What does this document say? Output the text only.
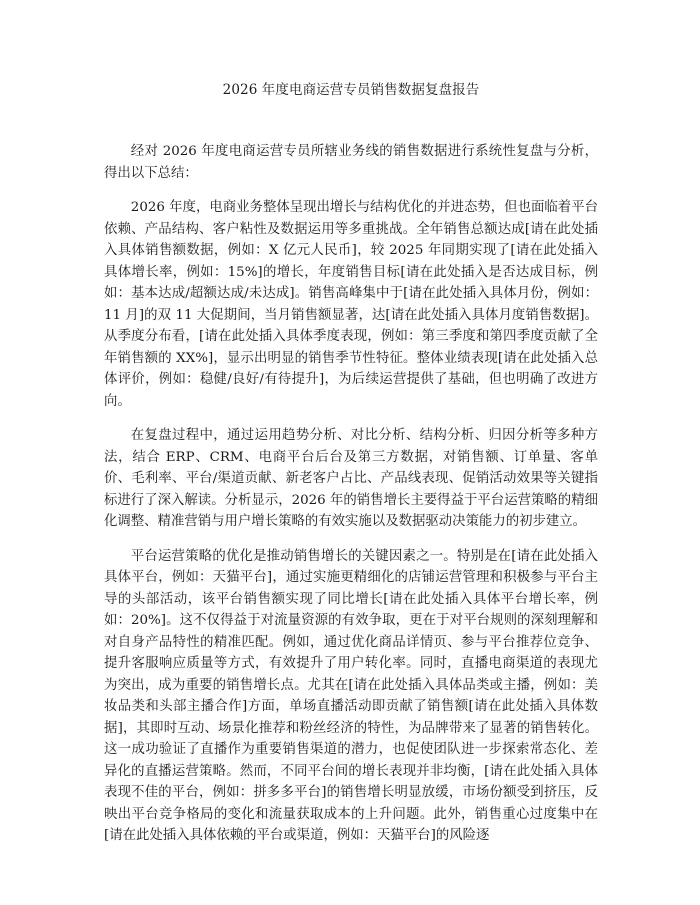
2026 年度电商运营专员销售数据复盘报告

经对 2026 年度电商运营专员所辖业务线的销售数据进行系统性复盘与分析，得出以下总结：

2026 年度，电商业务整体呈现出增长与结构优化的并进态势，但也面临着平台依赖、产品结构、客户粘性及数据运用等多重挑战。全年销售总额达成[请在此处插入具体销售额数据，例如：X 亿元人民币]，较 2025 年同期实现了[请在此处插入具体增长率，例如：15%]的增长，年度销售目标[请在此处插入是否达成目标，例如：基本达成/超额达成/未达成]。销售高峰集中于[请在此处插入具体月份，例如：11 月]的双 11 大促期间，当月销售额显著，达[请在此处插入具体月度销售数据]。从季度分布看，[请在此处插入具体季度表现，例如：第三季度和第四季度贡献了全年销售额的 XX%]，显示出明显的销售季节性特征。整体业绩表现[请在此处插入总体评价，例如：稳健/良好/有待提升]，为后续运营提供了基础，但也明确了改进方向。

在复盘过程中，通过运用趋势分析、对比分析、结构分析、归因分析等多种方法，结合 ERP、CRM、电商平台后台及第三方数据，对销售额、订单量、客单价、毛利率、平台/渠道贡献、新老客户占比、产品线表现、促销活动效果等关键指标进行了深入解读。分析显示，2026 年的销售增长主要得益于平台运营策略的精细化调整、精准营销与用户增长策略的有效实施以及数据驱动决策能力的初步建立。

平台运营策略的优化是推动销售增长的关键因素之一。特别是在[请在此处插入具体平台，例如：天猫平台]，通过实施更精细化的店铺运营管理和积极参与平台主导的头部活动，该平台销售额实现了同比增长[请在此处插入具体平台增长率，例如：20%]。这不仅得益于对流量资源的有效争取，更在于对平台规则的深刻理解和对自身产品特性的精准匹配。例如，通过优化商品详情页、参与平台推荐位竞争、提升客服响应质量等方式，有效提升了用户转化率。同时，直播电商渠道的表现尤为突出，成为重要的销售增长点。尤其在[请在此处插入具体品类或主播，例如：美妆品类和头部主播合作]方面，单场直播活动即贡献了销售额[请在此处插入具体数据]，其即时互动、场景化推荐和粉丝经济的特性，为品牌带来了显著的销售转化。这一成功验证了直播作为重要销售渠道的潜力，也促使团队进一步探索常态化、差异化的直播运营策略。然而，不同平台间的增长表现并非均衡，[请在此处插入具体表现不佳的平台，例如：拼多多平台]的销售增长明显放缓，市场份额受到挤压，反映出平台竞争格局的变化和流量获取成本的上升问题。此外，销售重心过度集中在[请在此处插入具体依赖的平台或渠道，例如：天猫平台]的风险逐
